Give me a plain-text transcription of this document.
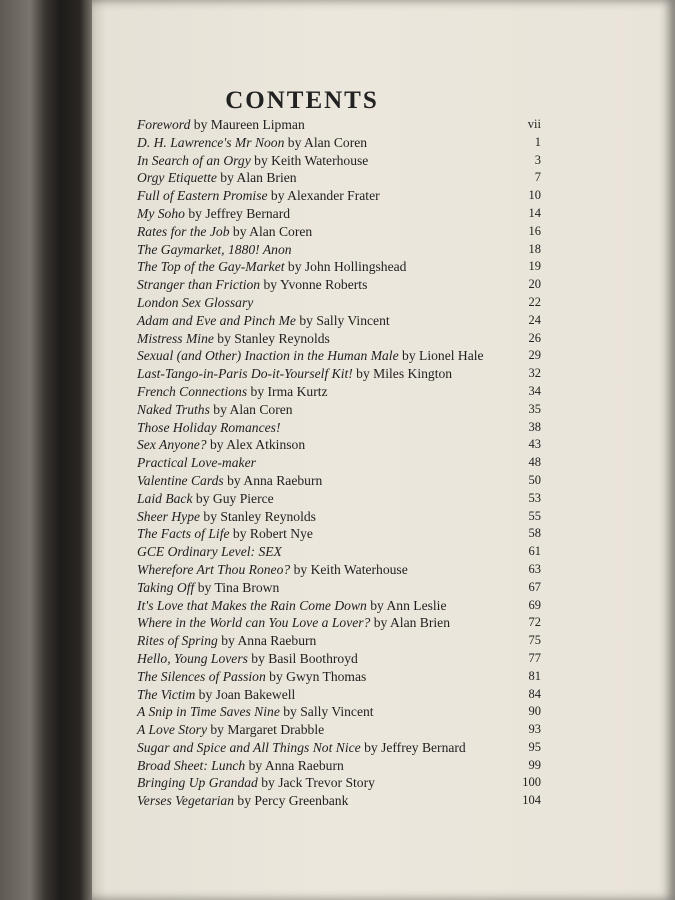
CONTENTS
Foreword by Maureen Lipman	vii
D. H. Lawrence's Mr Noon by Alan Coren	1
In Search of an Orgy by Keith Waterhouse	3
Orgy Etiquette by Alan Brien	7
Full of Eastern Promise by Alexander Frater	10
My Soho by Jeffrey Bernard	14
Rates for the Job by Alan Coren	16
The Gaymarket, 1880! Anon	18
The Top of the Gay-Market by John Hollingshead	19
Stranger than Friction by Yvonne Roberts	20
London Sex Glossary	22
Adam and Eve and Pinch Me by Sally Vincent	24
Mistress Mine by Stanley Reynolds	26
Sexual (and Other) Inaction in the Human Male by Lionel Hale	29
Last-Tango-in-Paris Do-it-Yourself Kit! by Miles Kington	32
French Connections by Irma Kurtz	34
Naked Truths by Alan Coren	35
Those Holiday Romances!	38
Sex Anyone? by Alex Atkinson	43
Practical Love-maker	48
Valentine Cards by Anna Raeburn	50
Laid Back by Guy Pierce	53
Sheer Hype by Stanley Reynolds	55
The Facts of Life by Robert Nye	58
GCE Ordinary Level: SEX	61
Wherefore Art Thou Roneo? by Keith Waterhouse	63
Taking Off by Tina Brown	67
It's Love that Makes the Rain Come Down by Ann Leslie	69
Where in the World can You Love a Lover? by Alan Brien	72
Rites of Spring by Anna Raeburn	75
Hello, Young Lovers by Basil Boothroyd	77
The Silences of Passion by Gwyn Thomas	81
The Victim by Joan Bakewell	84
A Snip in Time Saves Nine by Sally Vincent	90
A Love Story by Margaret Drabble	93
Sugar and Spice and All Things Not Nice by Jeffrey Bernard	95
Broad Sheet: Lunch by Anna Raeburn	99
Bringing Up Grandad by Jack Trevor Story	100
Verses Vegetarian by Percy Greenbank	104
